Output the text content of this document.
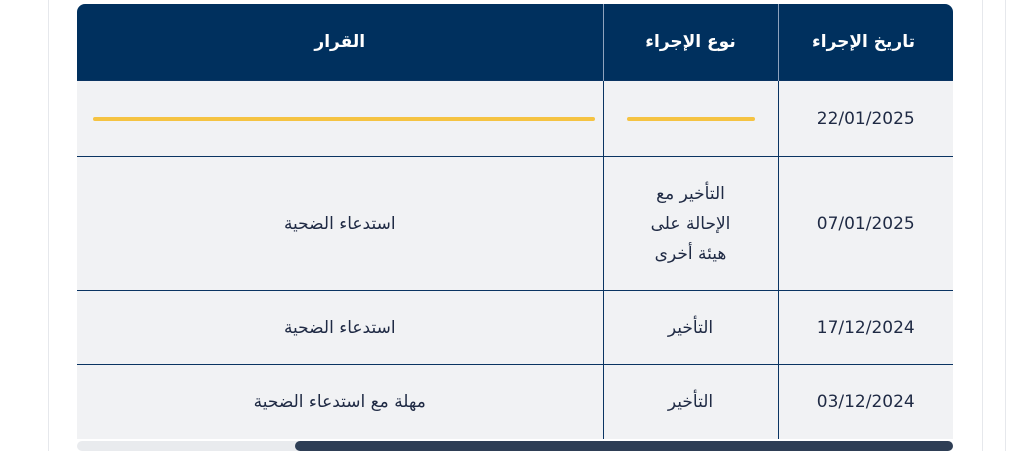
تاريخ الإجراء	نوع الإجراء	القرار
22/01/2025	

07/01/2025	التأخير مع الإحالة على هيئة أخرى	استدعاء الضحية
17/12/2024	التأخير	استدعاء الضحية
03/12/2024	التأخير	مهلة مع استدعاء الضحية
